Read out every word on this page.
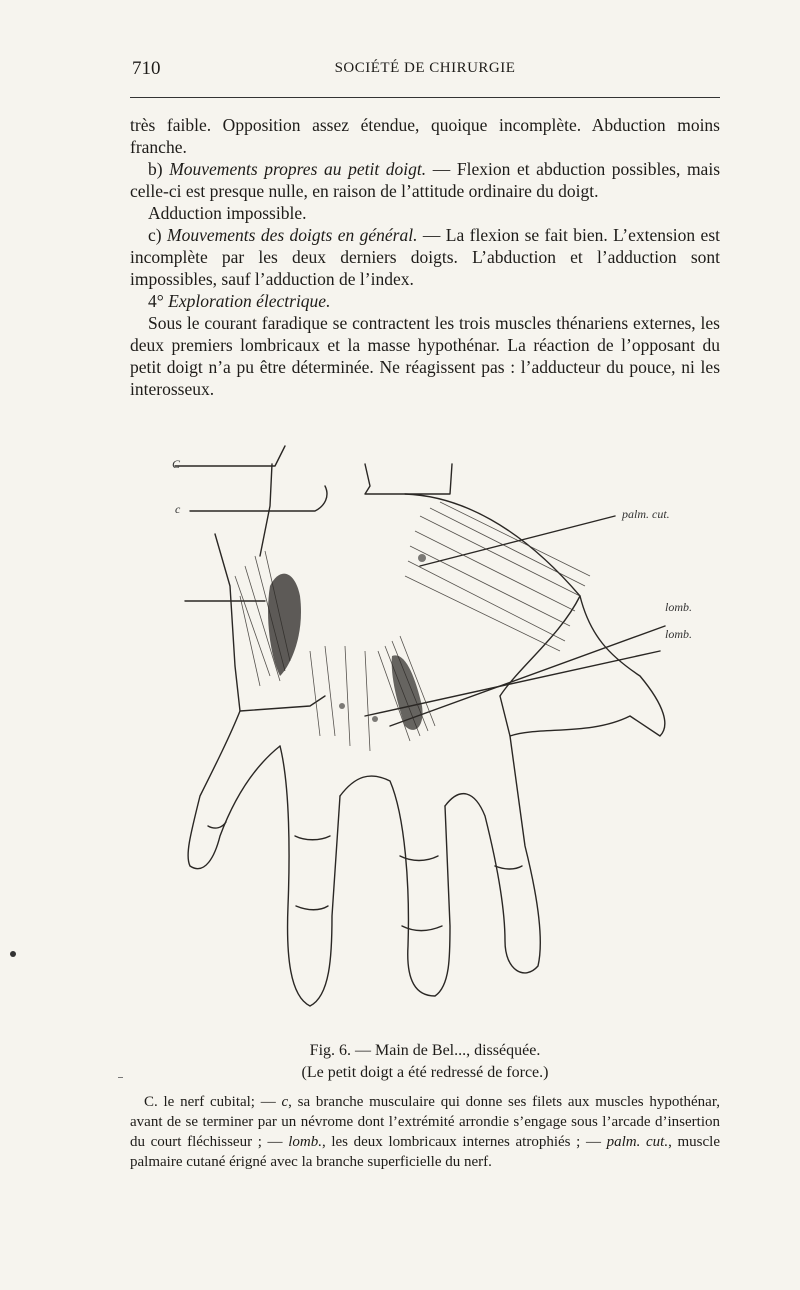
710	SOCIÉTÉ DE CHIRURGIE

très faible. Opposition assez étendue, quoique incomplète. Abduction moins franche.

b) Mouvements propres au petit doigt. — Flexion et abduction possibles, mais celle-ci est presque nulle, en raison de l’attitude ordinaire du doigt.

Adduction impossible.

c) Mouvements des doigts en général. — La flexion se fait bien. L’extension est incomplète par les deux derniers doigts. L’abduction et l’adduction sont impossibles, sauf l’adduction de l’index.

4° Exploration électrique.

Sous le courant faradique se contractent les trois muscles thénariens externes, les deux premiers lombricaux et la masse hypothénar. La réaction de l’opposant du petit doigt n’a pu être déterminée. Ne réagissent pas : l’adducteur du pouce, ni les interosseux.

C
c	palm. cut.
lomb.
lomb.
Fig. 6. — Main de Bel..., disséquée.
(Le petit doigt a été redressé de force.)
C. le nerf cubital; — c, sa branche musculaire qui donne ses filets aux muscles hypothénar, avant de se terminer par un névrome dont l’extrémité arrondie s’engage sous l’arcade d’insertion du court fléchisseur ; — lomb., les deux lombricaux internes atrophiés ; — palm. cut., muscle palmaire cutané érigné avec la branche superficielle du nerf.
